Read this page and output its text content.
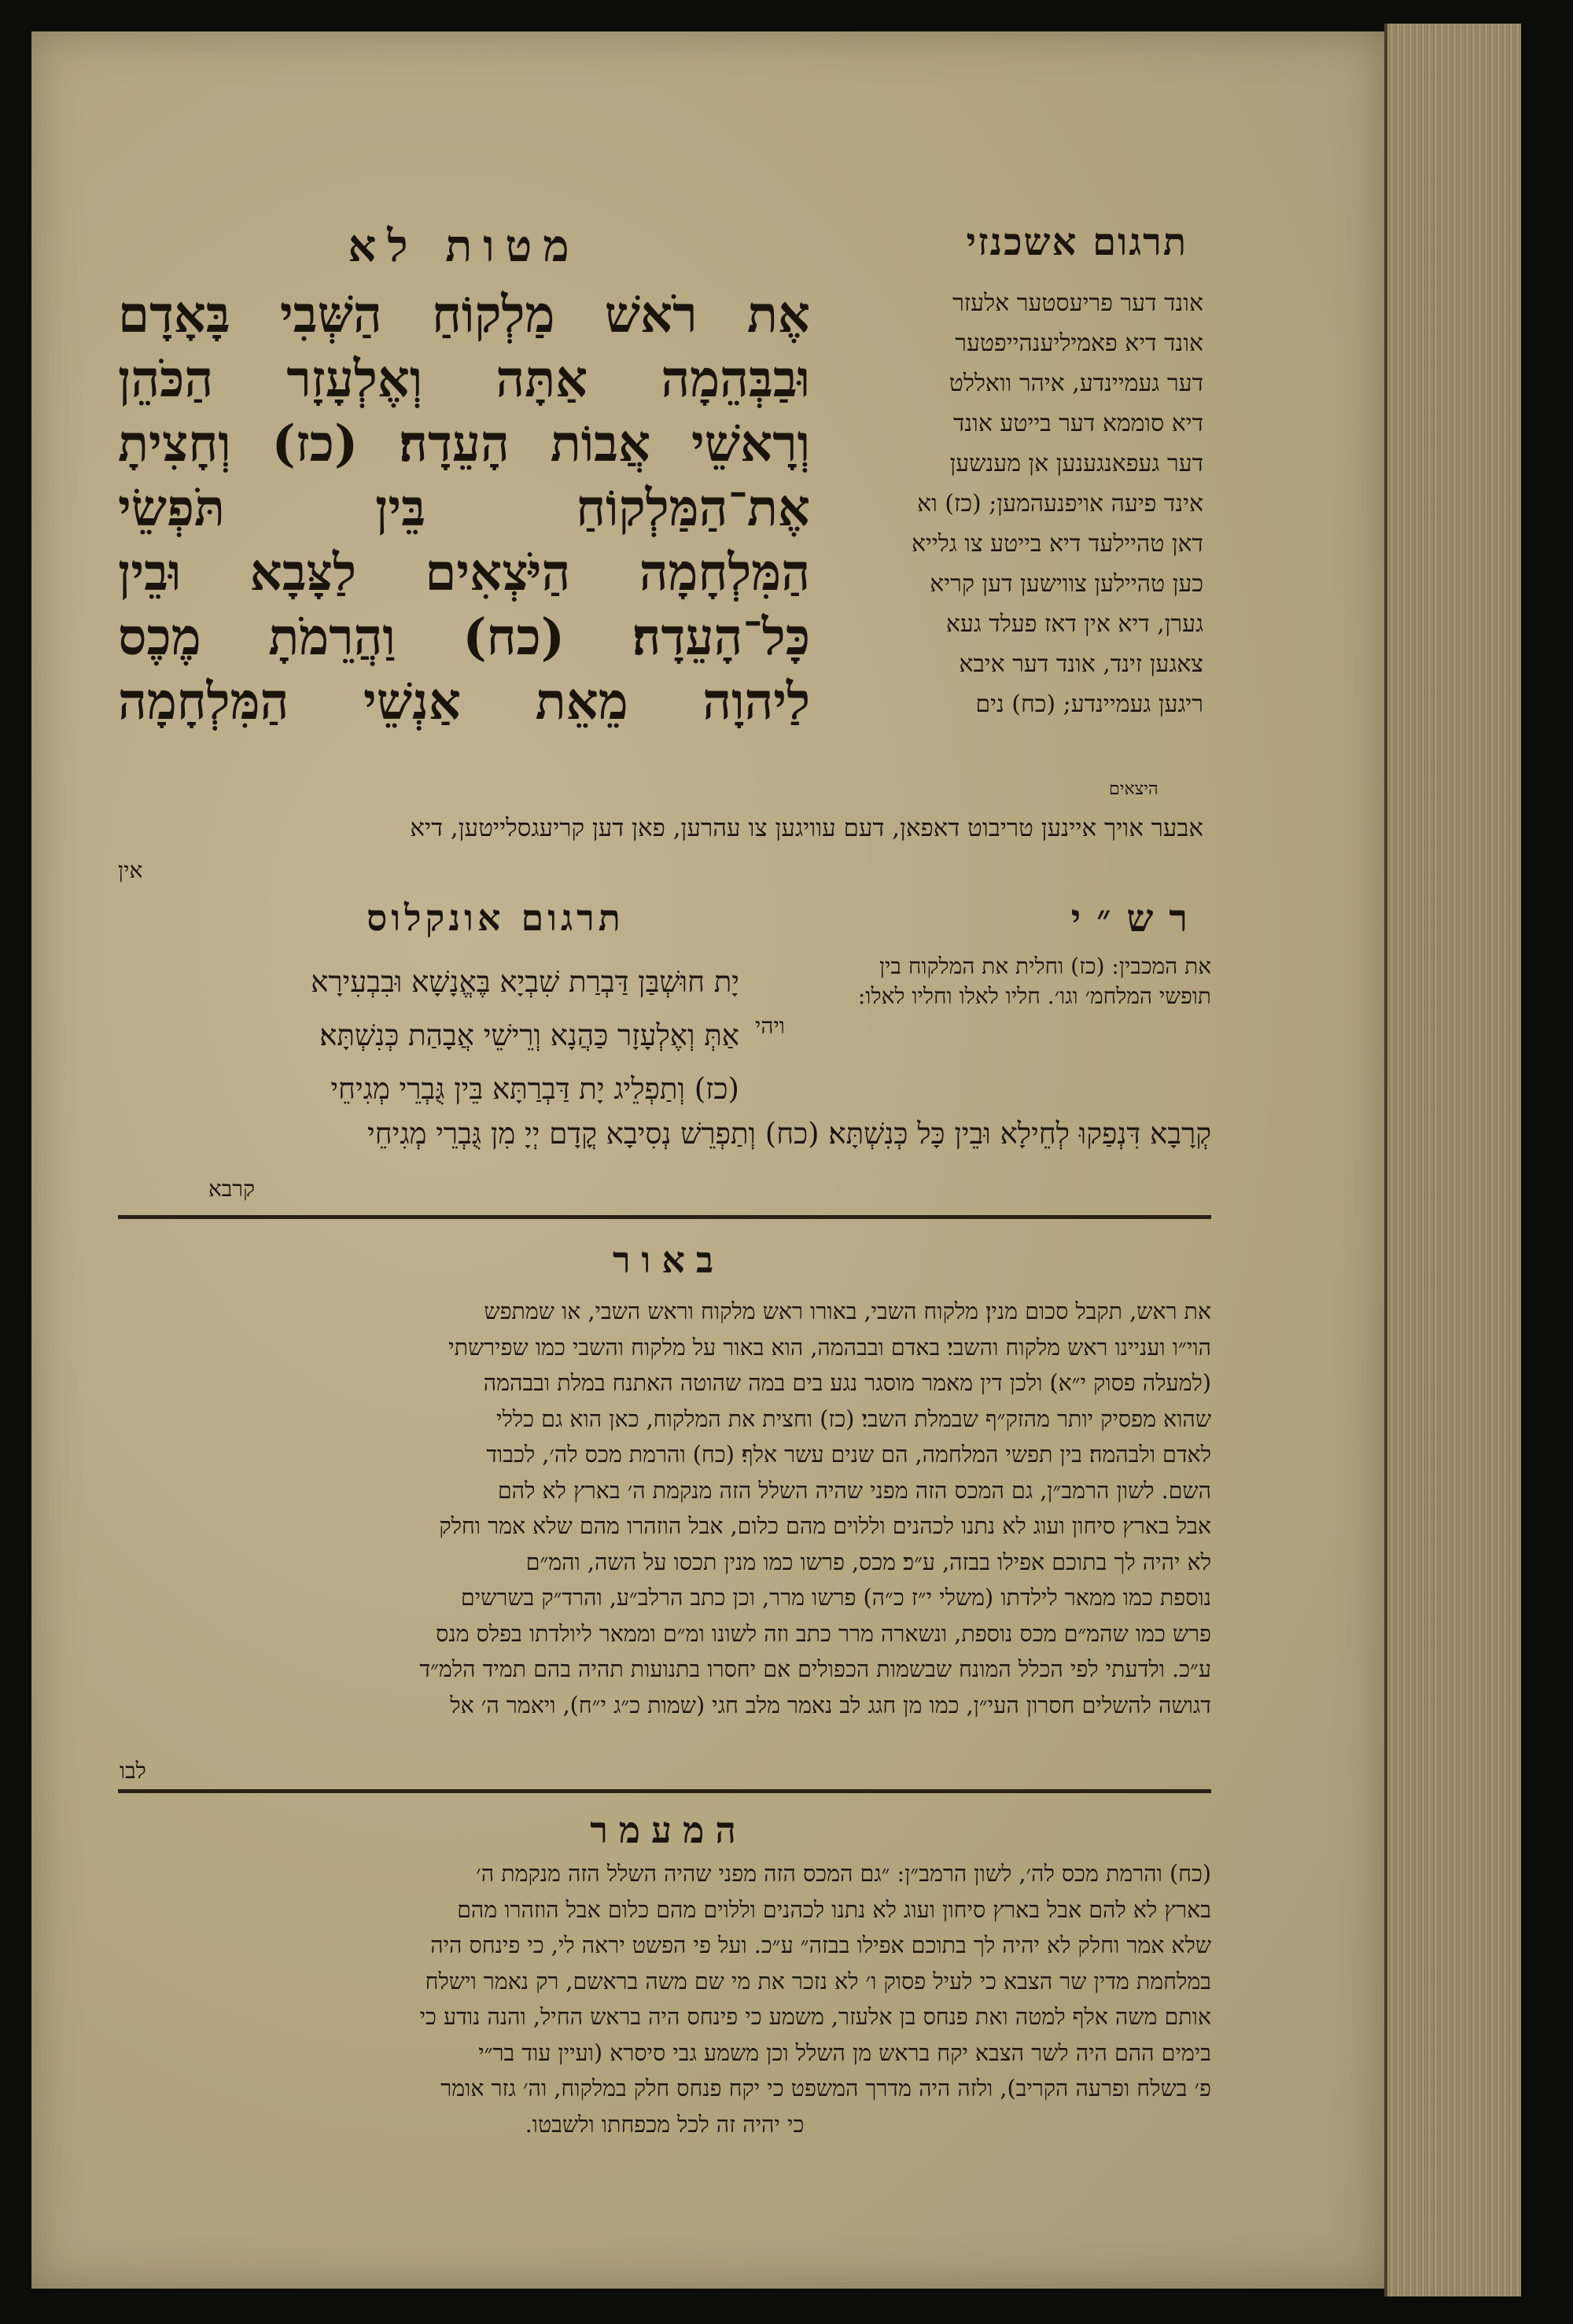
תרגום אשכנזי
מטות לא
אֶת רֹאשׁ מַלְקוֹחַ הַשְּׁבִי בָּאָדָם
וּבַבְּהֵמָה אַתָּה וְאֶלְעָזָר הַכֹּהֵן
וְרָאשֵׁי אֲבוֹת הָעֵדָה׃ (כז) וְחָצִיתָ
אֶת־הַמַּלְקוֹחַ בֵּין תֹּפְשֵׂי
הַמִּלְחָמָה הַיֹּצְאִים לַצָּבָא וּבֵין
כָּל־הָעֵדָה׃ (כח) וַהֲרֵמֹתָ מֶכֶס
לַיהוָה מֵאֵת אַנְשֵׁי הַמִּלְחָמָה
אונד דער פריעסטער אלעזר
אונד דיא פאמיליענהייפטער
דער געמיינדע, איהר וואללט
דיא סוממא דער בייטע אונד
דער געפאנגענען אן מענשען
אינד פיעה אויפנעהמען; (כז) וא
דאן טהיילעד דיא בייטע צו גלייא
כען טהיילען צווישען דען קריא
גערן, דיא אין דאז פעלד געא
צאגען זינד, אונד דער איבא
ריגען געמיינדע; (כח) נים
היצאים
אבער אויך איינען טריבוט דאפאן, דעם עוויגען צו עהרען, פאן דען קריעגסלייטען, דיא
אין
רש״י
תרגום אונקלוס
את המכבין: (כז) וחלית את המלקוח בין
תופשי המלחמ׳ וגו׳. חליו לאלו וחליו לאלו:
ויהי
יָת חוּשְׁבַּן דַּבְרַת שִׁבְיָא בֶּאֱנָשָׁא וּבִבְעִירָא
אַתְּ וְאֶלְעָזָר כַּהֲנָא וְרֵישֵׁי אֲבָהַת כְּנִשְׁתָּא׃
(כז) וְתַפְלֵיג יָת דַּבְרַתָּא בֵּין גֻּבְרֵי מְגִיחֵי
קְרָבָא דִּנְפַקוּ לְחֵילָא וּבֵין כָּל כְּנִשְׁתָּא׃ (כח) וְתַפְרֵשׁ נְסִיבָא קֳדָם יְיָ מִן גֻּבְרֵי מְגִיחֵי
קרבא
באור
את ראש, תקבל סכום מנין׃ מלקוח השבי, באורו ראש מלקוח וראש השבי, או שמתפש
הוי״ו ועניינו ראש מלקוח והשבי׃ באדם ובבהמה, הוא באור על מלקוח והשבי כמו שפירשתי
(למעלה פסוק י״א)׃ ולכן דין מאמר מוסגר נגע בים במה שהוטה האתנח במלת ובבהמה
שהוא מפסיק יותר מהזק״ף שבמלת השבי׃ (כז) וחצית את המלקוח, כאן הוא גם כללי
לאדם ולבהמה׃ בין תפשי המלחמה, הם שנים עשר אלף׃ (כח) והרמת מכס לה׳, לכבוד
השם. לשון הרמב״ן, גם המכס הזה מפני שהיה השלל הזה מנקמת ה׳ בארץ לא להם
אבל בארץ סיחון ועוג לא נתנו לכהנים וללוים מהם כלום, אבל הוזהרו מהם שלא אמר וחלק
לא יהיה לך בתוכם אפילו בבזה, ע״כ׃ מכס, פרשו כמו מנין תכסו על השה, והמ״ם
נוספת כמו ממאר לילדתו (משלי י״ז כ״ה) פרשו מרר, וכן כתב הרלב״ע, והרד״ק בשרשים
פרש כמו שהמ״ם מכס נוספת, ונשארה מרר כתב וזה לשונו ומ״ם וממאר ליולדתו בפלס מנס
ע״כ. ולדעתי לפי הכלל המונח שבשמות הכפולים אם יחסרו בתנועות תהיה בהם תמיד הלמ״ד
דגושה להשלים חסרון העי״ן, כמו מן חגג לב נאמר מלב חגי (שמות כ״ג י״ח), ויאמר ה׳ אל
לבו
המעמר
(כח) והרמת מכס לה׳, לשון הרמב״ן: ״גם המכס הזה מפני שהיה השלל הזה מנקמת ה׳
בארץ לא להם אבל בארץ סיחון ועוג לא נתנו לכהנים וללוים מהם כלום אבל הוזהרו מהם
שלא אמר וחלק לא יהיה לך בתוכם אפילו בבזה״ ע״כ. ועל פי הפשט יראה לי, כי פינחס היה
במלחמת מדין שר הצבא כי לעיל פסוק ו׳ לא נזכר את מי שם משה בראשם, רק נאמר וישלח
אותם משה אלף למטה ואת פנחס בן אלעזר, משמע כי פינחס היה בראש החיל, והנה נודע כי
בימים ההם היה לשר הצבא יקח בראש מן השלל וכן משמע גבי סיסרא (ועיין עוד בר״י
פ׳ בשלח ופרעה הקריב), ולזה היה מדרך המשפט כי יקח פנחס חלק במלקוח, וה׳ גזר אומר
כי יהיה זה לכל מכפחתו ולשבטו.
